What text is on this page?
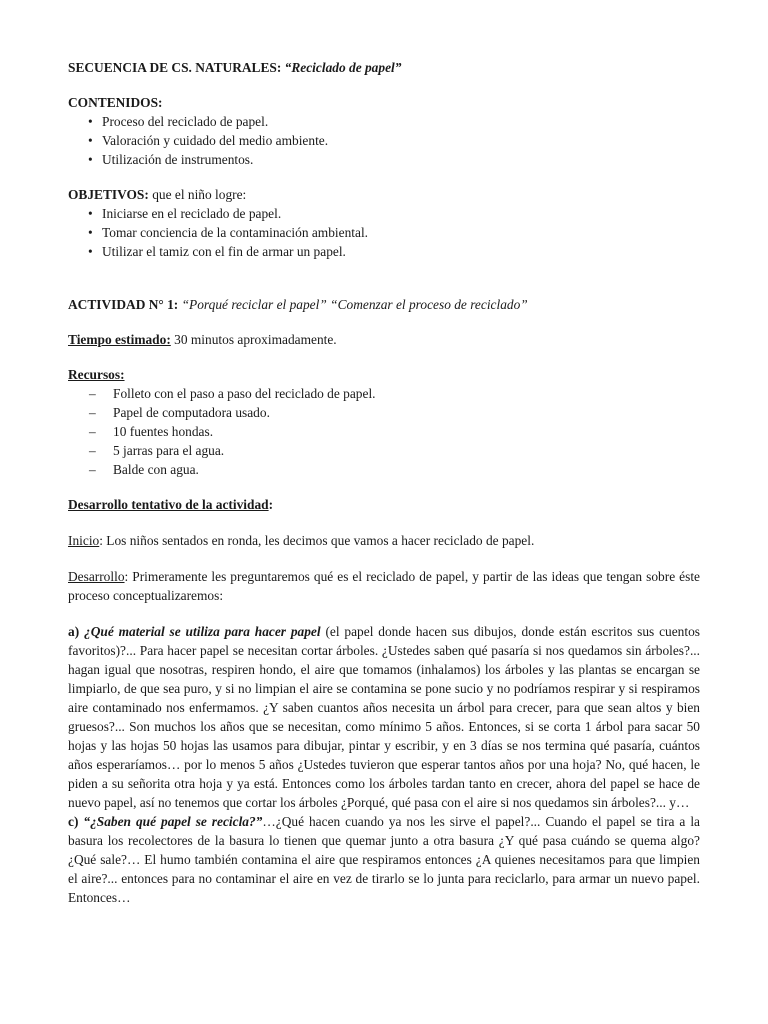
SECUENCIA DE CS. NATURALES: “Reciclado de papel”
CONTENIDOS:
• Proceso del reciclado de papel.
• Valoración y cuidado del medio ambiente.
• Utilización de instrumentos.
OBJETIVOS: que el niño logre:
• Iniciarse en el reciclado de papel.
• Tomar conciencia de la contaminación ambiental.
• Utilizar el tamiz con el fin de armar un papel.
ACTIVIDAD N° 1: “Porqué reciclar el papel” “Comenzar el proceso de reciclado”
Tiempo estimado: 30 minutos aproximadamente.
Recursos:
– Folleto con el paso a paso del reciclado de papel.
– Papel de computadora usado.
– 10 fuentes hondas.
– 5 jarras para el agua.
– Balde con agua.
Desarrollo tentativo de la actividad:
Inicio: Los niños sentados en ronda, les decimos que vamos a hacer reciclado de papel.

Desarrollo: Primeramente les preguntaremos qué es el reciclado de papel, y partir de las ideas que tengan sobre éste proceso conceptualizaremos:

a) ¿Qué material se utiliza para hacer papel (el papel donde hacen sus dibujos, donde están escritos sus cuentos favoritos)?... Para hacer papel se necesitan cortar árboles. ¿Ustedes saben qué pasaría si nos quedamos sin árboles?... hagan igual que nosotras, respiren hondo, el aire que tomamos (inhalamos) los árboles y las plantas se encargan se limpiarlo, de que sea puro, y si no limpian el aire se contamina se pone sucio y no podríamos respirar y si respiramos aire contaminado nos enfermamos. ¿Y saben cuantos años necesita un árbol para crecer, para que sean altos y bien gruesos?... Son muchos los años que se necesitan, como mínimo 5 años. Entonces, si se corta 1 árbol para sacar 50 hojas y las hojas 50 hojas las usamos para dibujar, pintar y escribir, y en 3 días se nos termina qué pasaría, cuántos años esperaríamos… por lo menos 5 años ¿Ustedes tuvieron que esperar tantos años por una hoja? No, qué hacen, le piden a su señorita otra hoja y ya está. Entonces como los árboles tardan tanto en crecer, ahora del papel se hace de nuevo papel, así no tenemos que cortar los árboles ¿Porqué, qué pasa con el aire si nos quedamos sin árboles?... y…

c) “¿Saben qué papel se recicla?”…¿Qué hacen cuando ya nos les sirve el papel?... Cuando el papel se tira a la basura los recolectores de la basura lo tienen que quemar junto a otra basura ¿Y qué pasa cuándo se quema algo? ¿Qué sale?… El humo también contamina el aire que respiramos entonces ¿A quienes necesitamos para que limpien el aire?... entonces para no contaminar el aire en vez de tirarlo se lo junta para reciclarlo, para armar un nuevo papel. Entonces…
